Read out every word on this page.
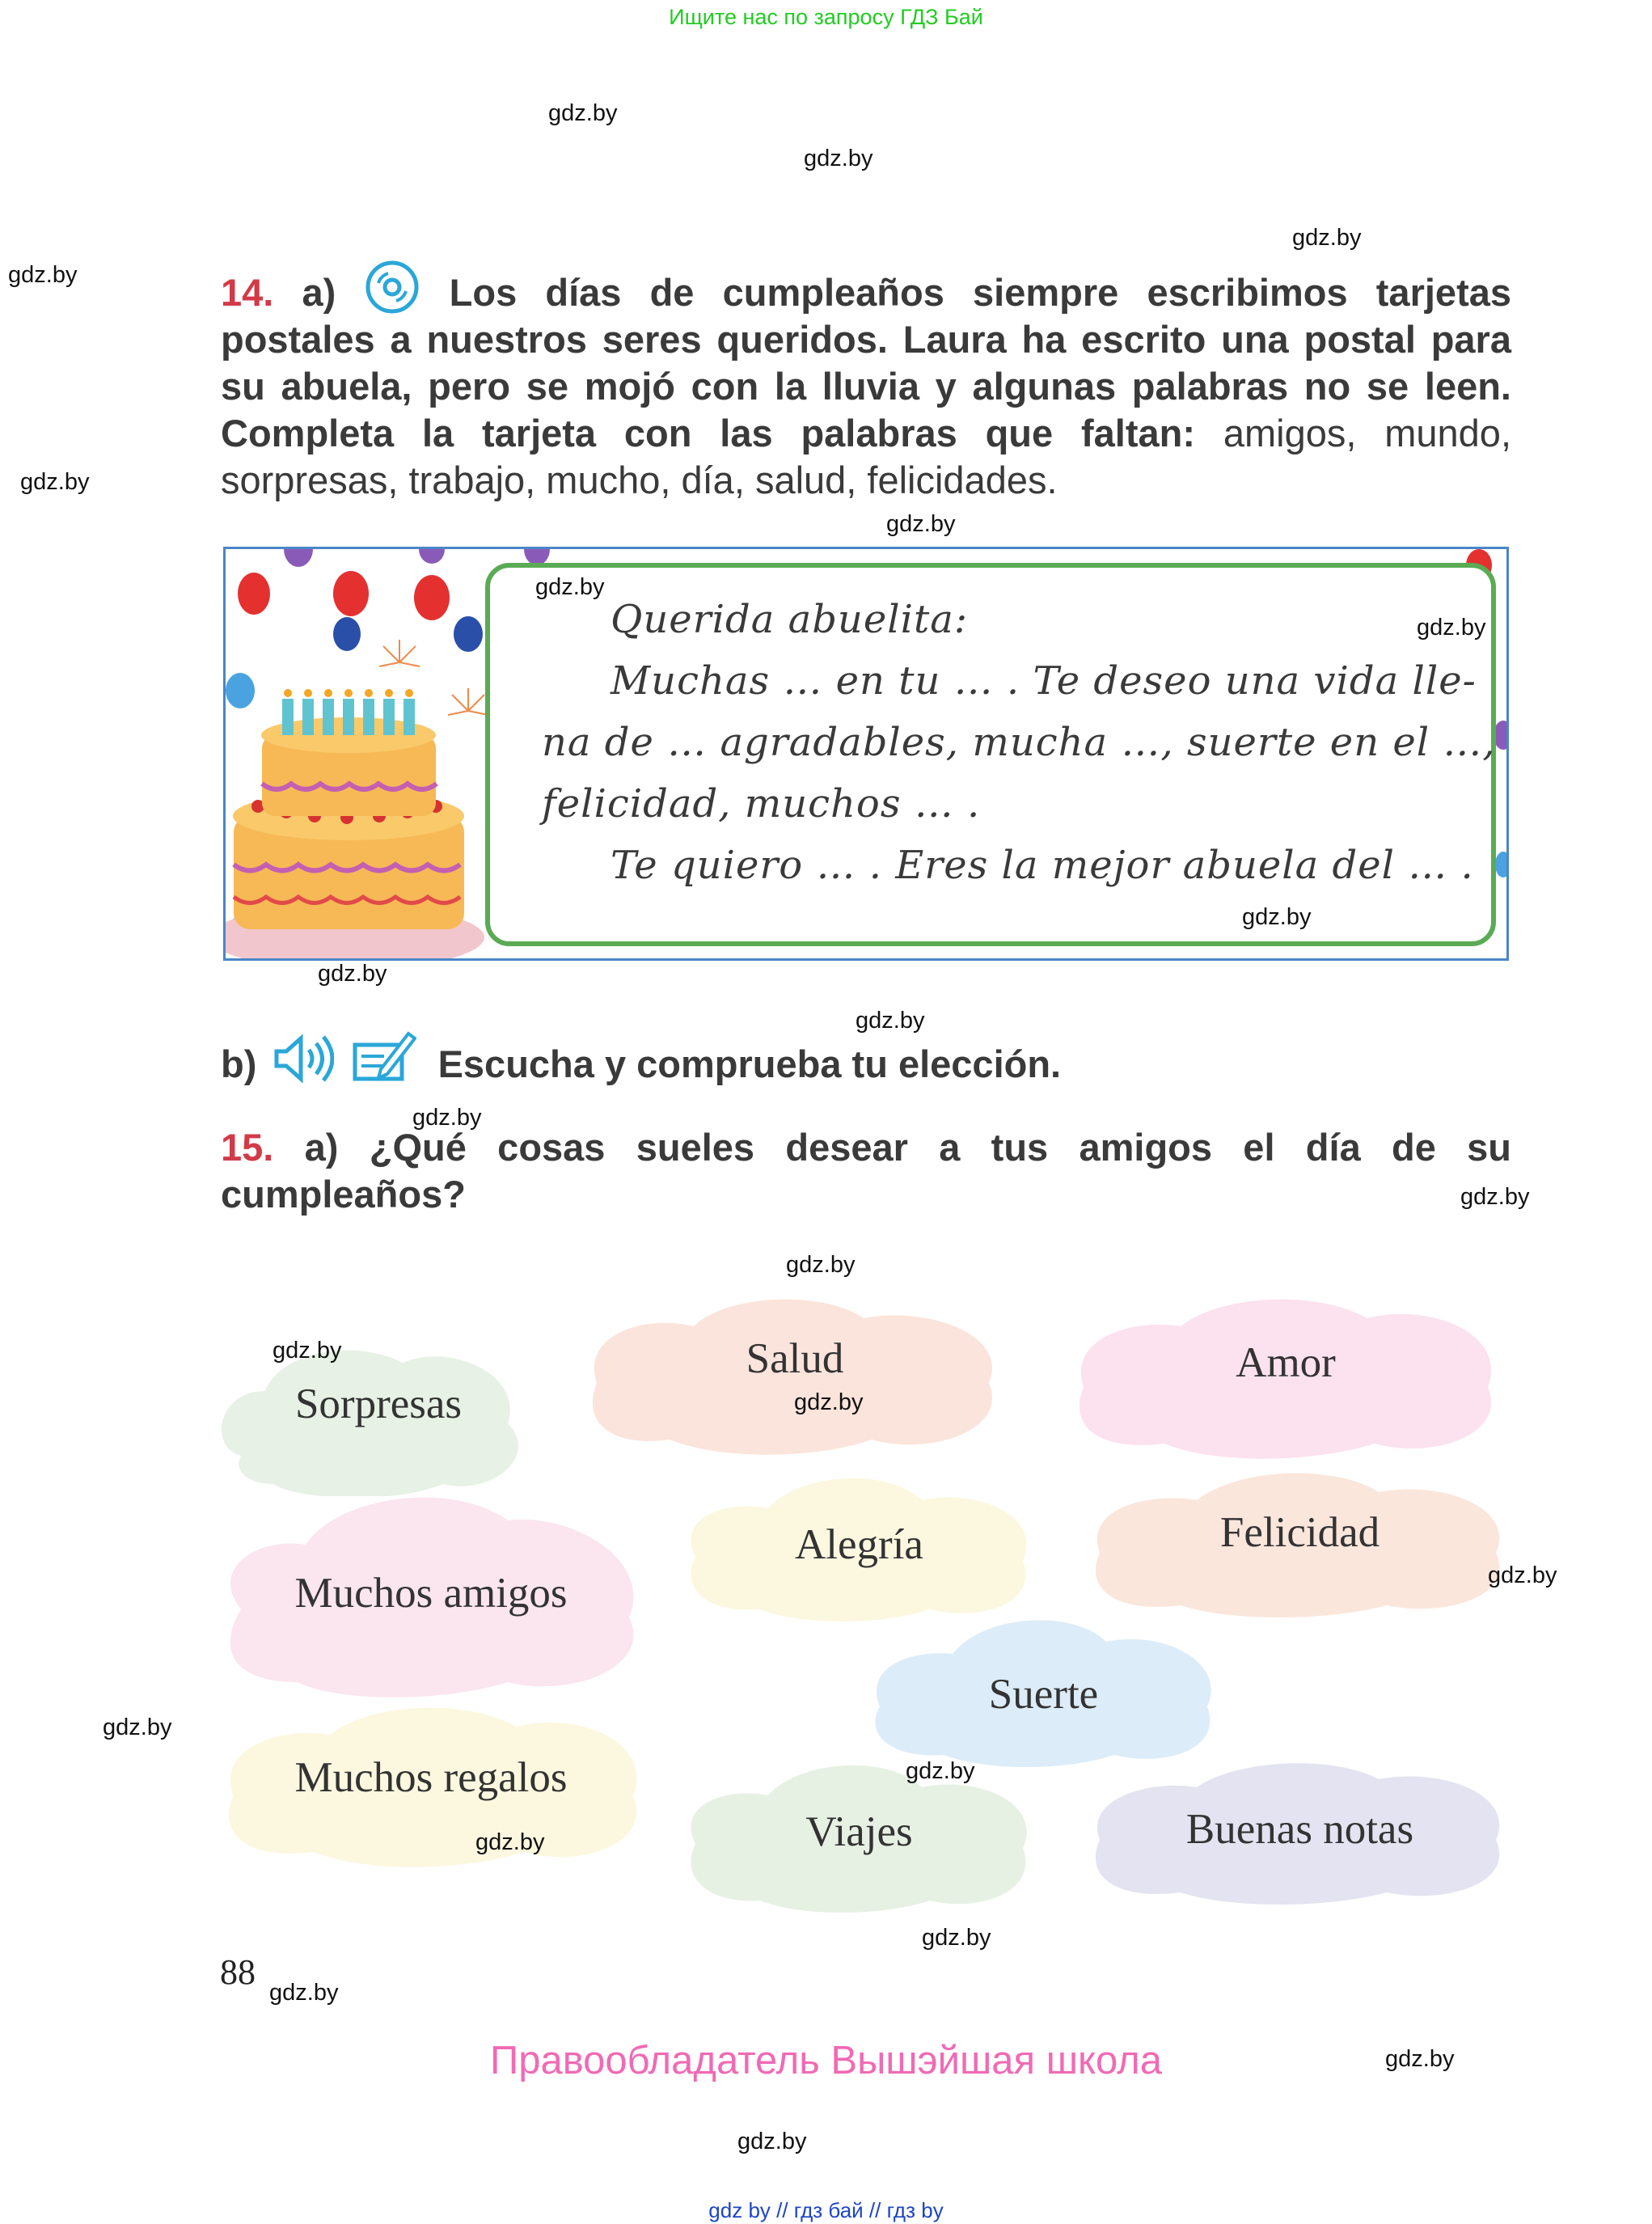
Ищите нас по запросу ГДЗ Бай
gdz.by
gdz.by
gdz.by
gdz.by
gdz.by
gdz.by
14. a)	Los días de cumpleaños siempre escribimos tarjetas postales a nuestros seres queridos. Laura ha escrito una postal para su abuela, pero se mojó con la lluvia y algunas palabras no se leen. Completa la tarjeta con las palabras que faltan: amigos, mundo, sorpresas, trabajo, mucho, día, salud, felicidades.
Querida abuelita:
Muchas … en tu … . Te deseo una vida lle-
na de … agradables, mucha …, suerte en el …,
felicidad, muchos … .
Te quiero … . Eres la mejor abuela del … .
gdz.by
gdz.by
gdz.by
gdz.by
gdz.by
b)	Escucha y comprueba tu elección.
gdz.by
15. a) ¿Qué cosas sueles desear a tus amigos el día de su cumpleaños?	gdz.by
gdz.by
Sorpresas
Salud	Amor
Alegría	Felicidad
Muchos amigos
Suerte
Muchos regalos
Viajes	Buenas notas
gdz.by
gdz.by
gdz.by
gdz.by
gdz.by
gdz.by
gdz.by
88
gdz.by
Правообладатель Вышэйшая школа	gdz.by
gdz.by
gdz by // гдз бай // гдз by
